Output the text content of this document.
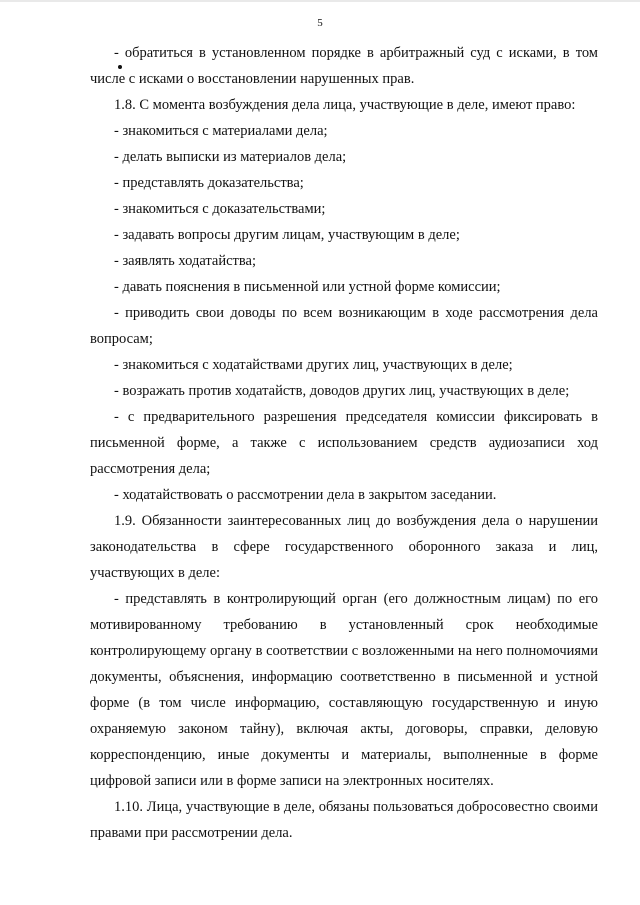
5

- обратиться в установленном порядке в арбитражный суд с исками, в том числе с исками о восстановлении нарушенных прав.

1.8. С момента возбуждения дела лица, участвующие в деле, имеют право:

- знакомиться с материалами дела;

- делать выписки из материалов дела;

- представлять доказательства;

- знакомиться с доказательствами;

- задавать вопросы другим лицам, участвующим в деле;

- заявлять ходатайства;

- давать пояснения в письменной или устной форме комиссии;

- приводить свои доводы по всем возникающим в ходе рассмотрения дела вопросам;

- знакомиться с ходатайствами других лиц, участвующих в деле;

- возражать против ходатайств, доводов других лиц, участвующих в деле;

- с предварительного разрешения председателя комиссии фиксировать в письменной форме, а также с использованием средств аудиозаписи ход рассмотрения дела;

- ходатайствовать о рассмотрении дела в закрытом заседании.

1.9. Обязанности заинтересованных лиц до возбуждения дела о нарушении законодательства в сфере государственного оборонного заказа и лиц, участвующих в деле:

- представлять в контролирующий орган (его должностным лицам) по его мотивированному требованию в установленный срок необходимые контролирующему органу в соответствии с возложенными на него полномочиями документы, объяснения, информацию соответственно в письменной и устной форме (в том числе информацию, составляющую государственную и иную охраняемую законом тайну), включая акты, договоры, справки, деловую корреспонденцию, иные документы и материалы, выполненные в форме цифровой записи или в форме записи на электронных носителях.

1.10. Лица, участвующие в деле, обязаны пользоваться добросовестно своими правами при рассмотрении дела.
